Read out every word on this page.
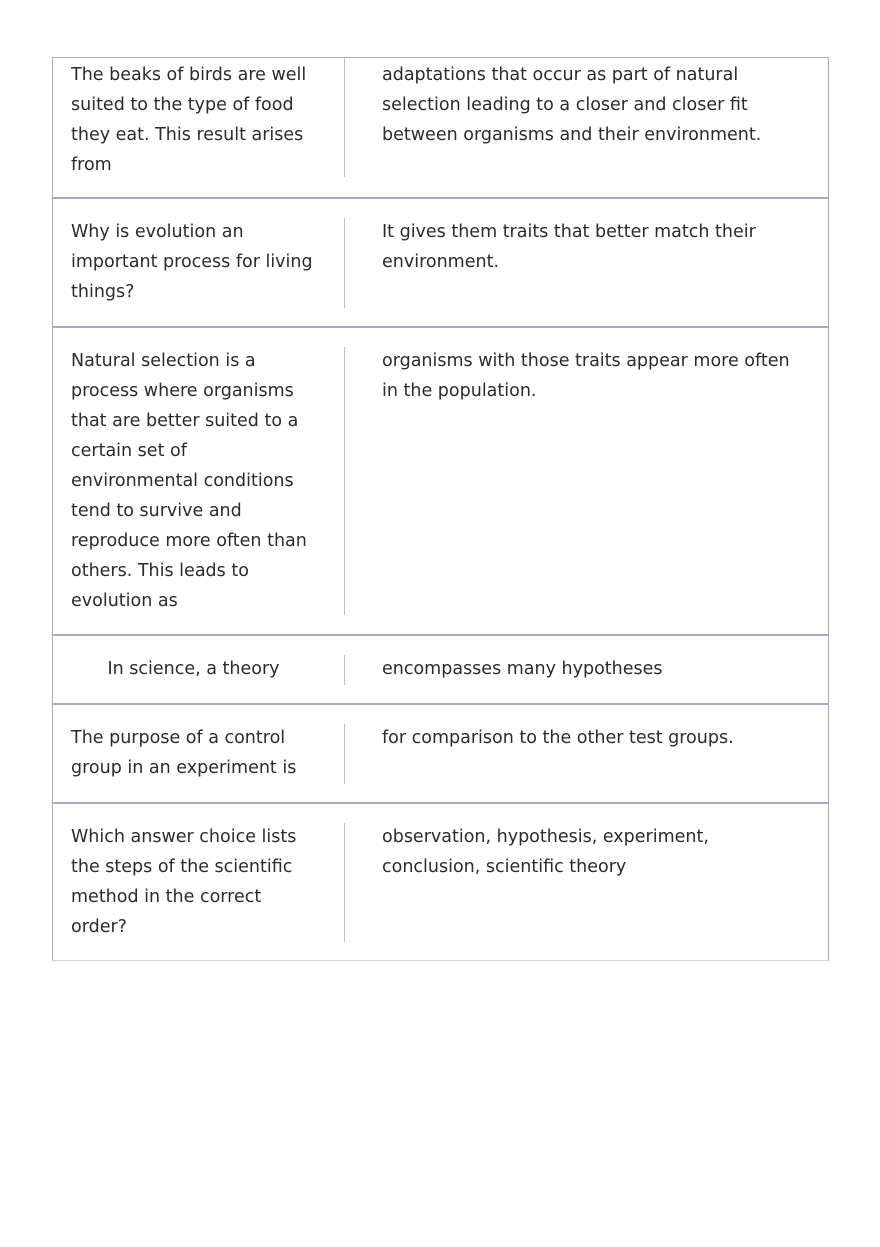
The beaks of birds are well suited to the type of food they eat. This result arises from
adaptations that occur as part of natural selection leading to a closer and closer fit between organisms and their environment.
Why is evolution an important process for living things?
It gives them traits that better match their environment.
Natural selection is a process where organisms that are better suited to a certain set of environmental conditions tend to survive and reproduce more often than others. This leads to evolution as
organisms with those traits appear more often in the population.
In science, a theory	encompasses many hypotheses
The purpose of a control group in an experiment is
for comparison to the other test groups.
Which answer choice lists the steps of the scientific method in the correct order?
observation, hypothesis, experiment, conclusion, scientific theory
